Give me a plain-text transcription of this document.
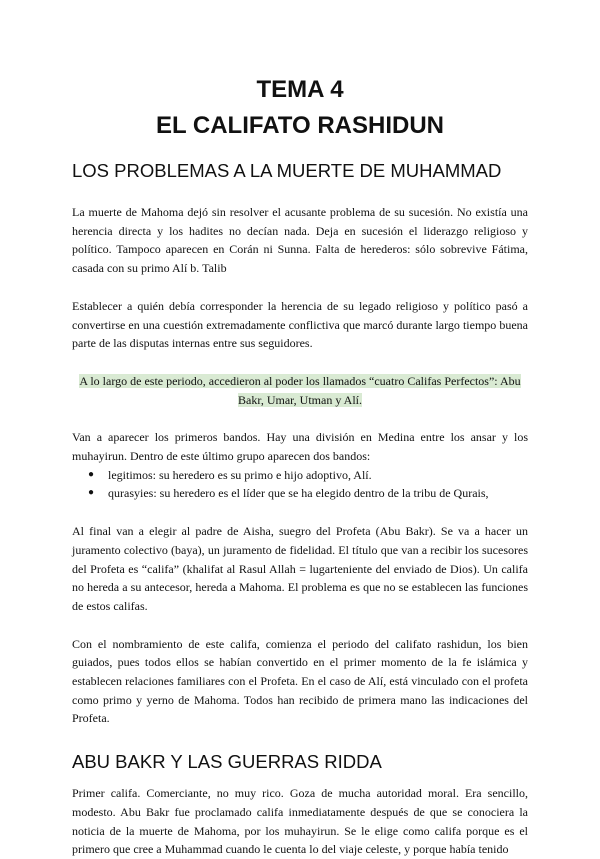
TEMA 4
EL CALIFATO RASHIDUN
LOS PROBLEMAS A LA MUERTE DE MUHAMMAD

La muerte de Mahoma dejó sin resolver el acusante problema de su sucesión. No existía una herencia directa y los hadites no decían nada. Deja en sucesión el liderazgo religioso y político. Tampoco aparecen en Corán ni Sunna. Falta de herederos: sólo sobrevive Fátima, casada con su primo Alí b. Talib

Establecer a quién debía corresponder la herencia de su legado religioso y político pasó a convertirse en una cuestión extremadamente conflictiva que marcó durante largo tiempo buena parte de las disputas internas entre sus seguidores.

A lo largo de este periodo, accedieron al poder los llamados “cuatro Califas Perfectos”: Abu Bakr, Umar, Utman y Alí.

Van a aparecer los primeros bandos. Hay una división en Medina entre los ansar y los muhayirun. Dentro de este último grupo aparecen dos bandos:

● legitimos: su heredero es su primo e hijo adoptivo, Alí.
● qurasyies: su heredero es el líder que se ha elegido dentro de la tribu de Qurais,

Al final van a elegir al padre de Aisha, suegro del Profeta (Abu Bakr). Se va a hacer un juramento colectivo (baya), un juramento de fidelidad. El título que van a recibir los sucesores del Profeta es “califa” (khalifat al Rasul Allah = lugarteniente del enviado de Dios). Un califa no hereda a su antecesor, hereda a Mahoma. El problema es que no se establecen las funciones de estos califas.

Con el nombramiento de este califa, comienza el periodo del califato rashidun, los bien guiados, pues todos ellos se habían convertido en el primer momento de la fe islámica y establecen relaciones familiares con el Profeta. En el caso de Alí, está vinculado con el profeta como primo y yerno de Mahoma. Todos han recibido de primera mano las indicaciones del Profeta.

ABU BAKR Y LAS GUERRAS RIDDA

Primer califa. Comerciante, no muy rico. Goza de mucha autoridad moral. Era sencillo, modesto. Abu Bakr fue proclamado califa inmediatamente después de que se conociera la noticia de la muerte de Mahoma, por los muhayirun. Se le elige como califa porque es el primero que cree a Muhammad cuando le cuenta lo del viaje celeste, y porque había tenido
